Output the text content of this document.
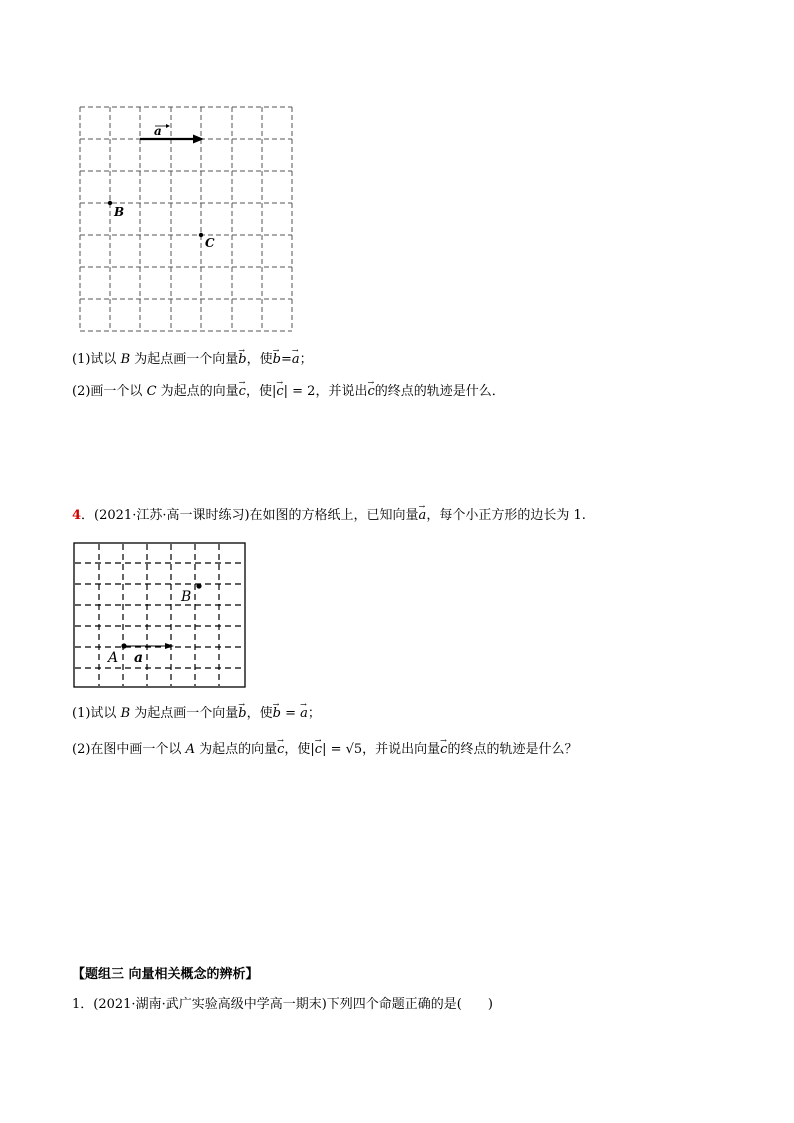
a
B
C
(1)试以 B 为起点画一个向量→ b，使→ b=→ a；
(2)画一个以 C 为起点的向量→ c，使|→ c| = 2，并说出→ c的终点的轨迹是什么．
4．(2021·江苏·高一课时练习)在如图的方格纸上，已知向量→ a，每个小正方形的边长为 1.
B
A a
(1)试以 B 为起点画一个向量→ b，使→ b = → a；
(2)在图中画一个以 A 为起点的向量→ c，使|→ c| = √5，并说出向量→ c的终点的轨迹是什么？
【题组三 向量相关概念的辨析】
1．(2021·湖南·武广实验高级中学高一期末)下列四个命题正确的是(　　)
